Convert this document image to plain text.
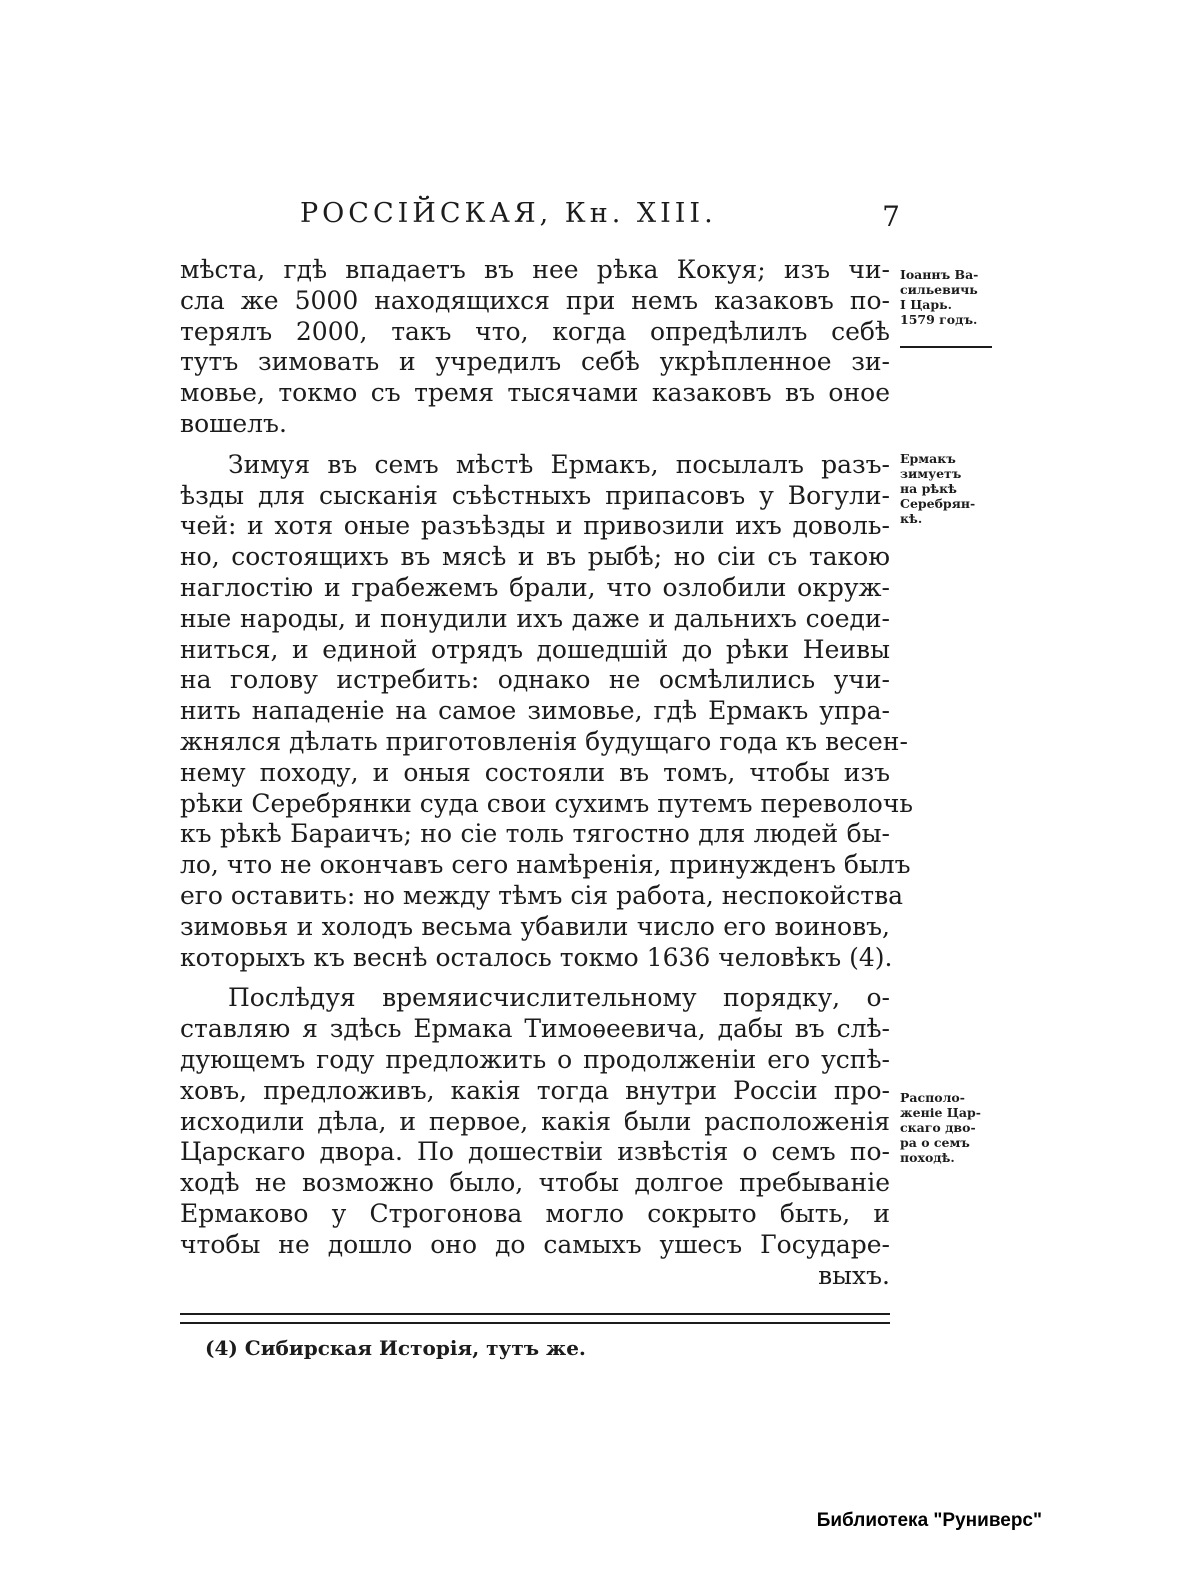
РОССІЙСКАЯ, Кн. XIII.	7
мѣста, гдѣ впадаетъ въ нее рѣка Кокуя; изъ чи-
сла же 5000 находящихся при немъ казаковъ по-
терялъ 2000, такъ что, когда опредѣлилъ себѣ
тутъ зимовать и учредилъ себѣ укрѣпленное зи-
мовье, токмо съ тремя тысячами казаковъ въ оное
вошелъ.
Зимуя въ семъ мѣстѣ Ермакъ, посылалъ разъ-
ѣзды для сысканія съѣстныхъ припасовъ у Вогули-
чей: и хотя оные разъѣзды и привозили ихъ доволь-
но, состоящихъ въ мясѣ и въ рыбѣ; но сіи съ такою
наглостію и грабежемъ брали, что озлобили окруж-
ные народы, и понудили ихъ даже и дальнихъ соеди-
ниться, и единой отрядъ дошедшій до рѣки Неивы
на голову истребить: однако не осмѣлились учи-
нить нападеніе на самое зимовье, гдѣ Ермакъ упра-
жнялся дѣлать приготовленія будущаго года къ весен-
нему походу, и оныя состояли въ томъ, чтобы изъ
рѣки Серебрянки суда свои сухимъ путемъ переволочь
къ рѣкѣ Бараичъ; но сіе толь тягостно для людей бы-
ло, что не окончавъ сего намѣренія, принужденъ былъ
его оставить: но между тѣмъ сія работа, неспокойства
зимовья и холодъ весьма убавили число его воиновъ,
которыхъ къ веснѣ осталось токмо 1636 человѣкъ (4).
Послѣдуя времяисчислительному порядку, о-
ставляю я здѣсь Ермака Тимоѳеевича, дабы въ слѣ-
дующемъ году предложить о продолженіи его успѣ-
ховъ, предложивъ, какія тогда внутри Россіи про-
исходили дѣла, и первое, какія были расположенія
Царскаго двора. По дошествіи извѣстія о семъ по-
ходѣ не возможно было, чтобы долгое пребываніе
Ермаково у Строгонова могло сокрыто быть, и
чтобы не дошло оно до самыхъ ушесъ Государе-
выхъ.
Іоаннъ Ва-
сильевичь
I Царь.
1579 годъ.
Ермакъ
зимуетъ
на рѣкѣ
Серебрян-
кѣ.
Располо-
женіе Цар-
скаго дво-
ра о семъ
походѣ.
(4) Сибирская Исторія, тутъ же.
Библиотека "Руниверс"
